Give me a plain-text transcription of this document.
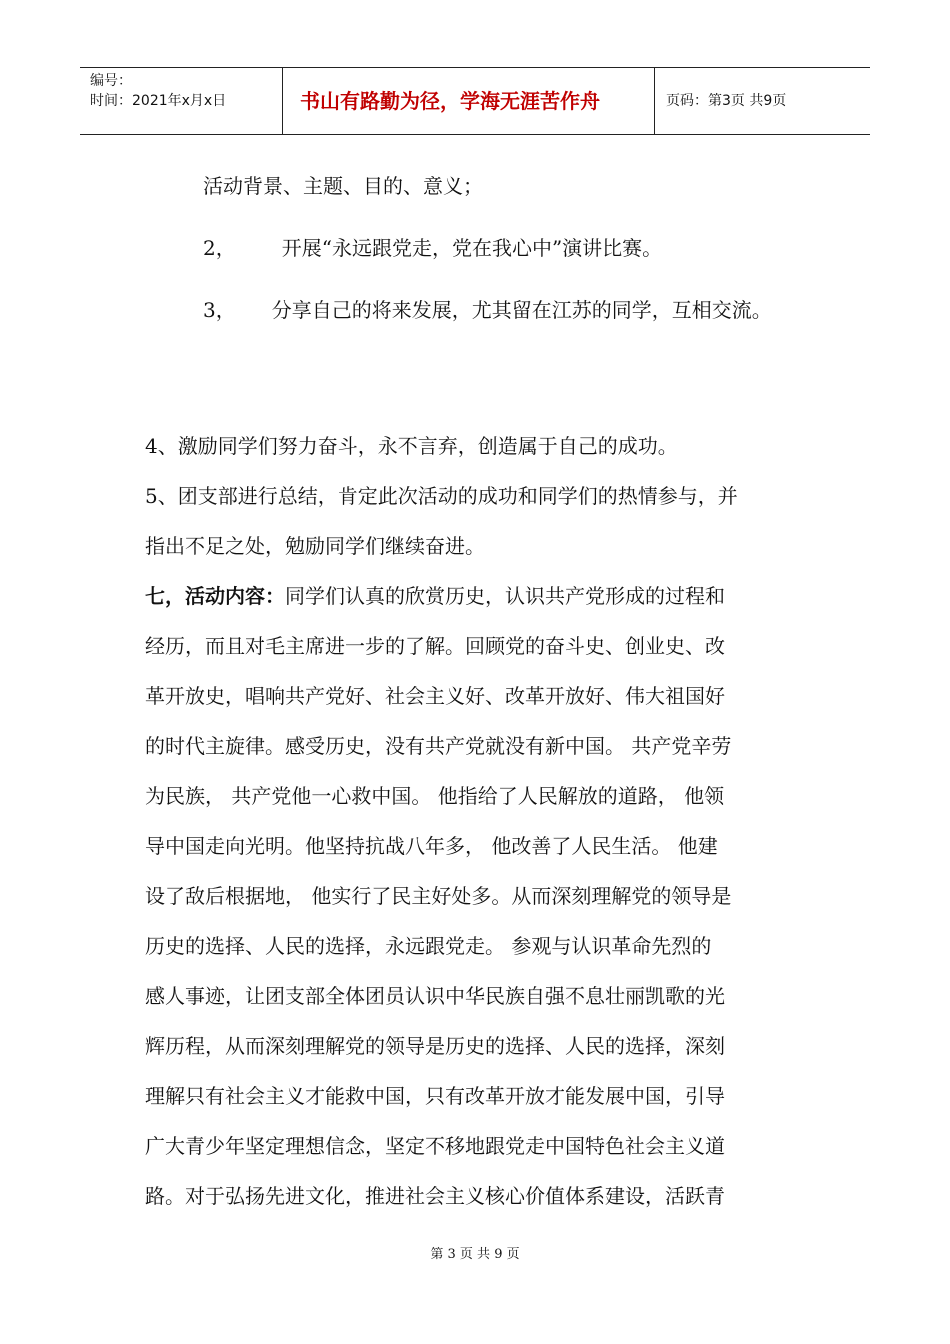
编号：
时间：2021年x月x日	书山有路勤为径，学海无涯苦作舟	页码：第3页 共9页
活动背景、主题、目的、意义；
2， 开展“永远跟党走，党在我心中”演讲比赛。
3， 分享自己的将来发展，尤其留在江苏的同学，互相交流。
4、激励同学们努力奋斗，永不言弃，创造属于自己的成功。
5、团支部进行总结，肯定此次活动的成功和同学们的热情参与，并
指出不足之处，勉励同学们继续奋进。
七，活动内容：同学们认真的欣赏历史，认识共产党形成的过程和
经历，而且对毛主席进一步的了解。回顾党的奋斗史、创业史、改
革开放史，唱响共产党好、社会主义好、改革开放好、伟大祖国好
的时代主旋律。感受历史，没有共产党就没有新中国。 共产党辛劳
为民族， 共产党他一心救中国。 他指给了人民解放的道路， 他领
导中国走向光明。他坚持抗战八年多， 他改善了人民生活。 他建
设了敌后根据地， 他实行了民主好处多。从而深刻理解党的领导是
历史的选择、人民的选择，永远跟党走。 参观与认识革命先烈的
感人事迹，让团支部全体团员认识中华民族自强不息壮丽凯歌的光
辉历程，从而深刻理解党的领导是历史的选择、人民的选择，深刻
理解只有社会主义才能救中国，只有改革开放才能发展中国，引导
广大青少年坚定理想信念，坚定不移地跟党走中国特色社会主义道
路。对于弘扬先进文化，推进社会主义核心价值体系建设，活跃青
第 3 页 共 9 页
